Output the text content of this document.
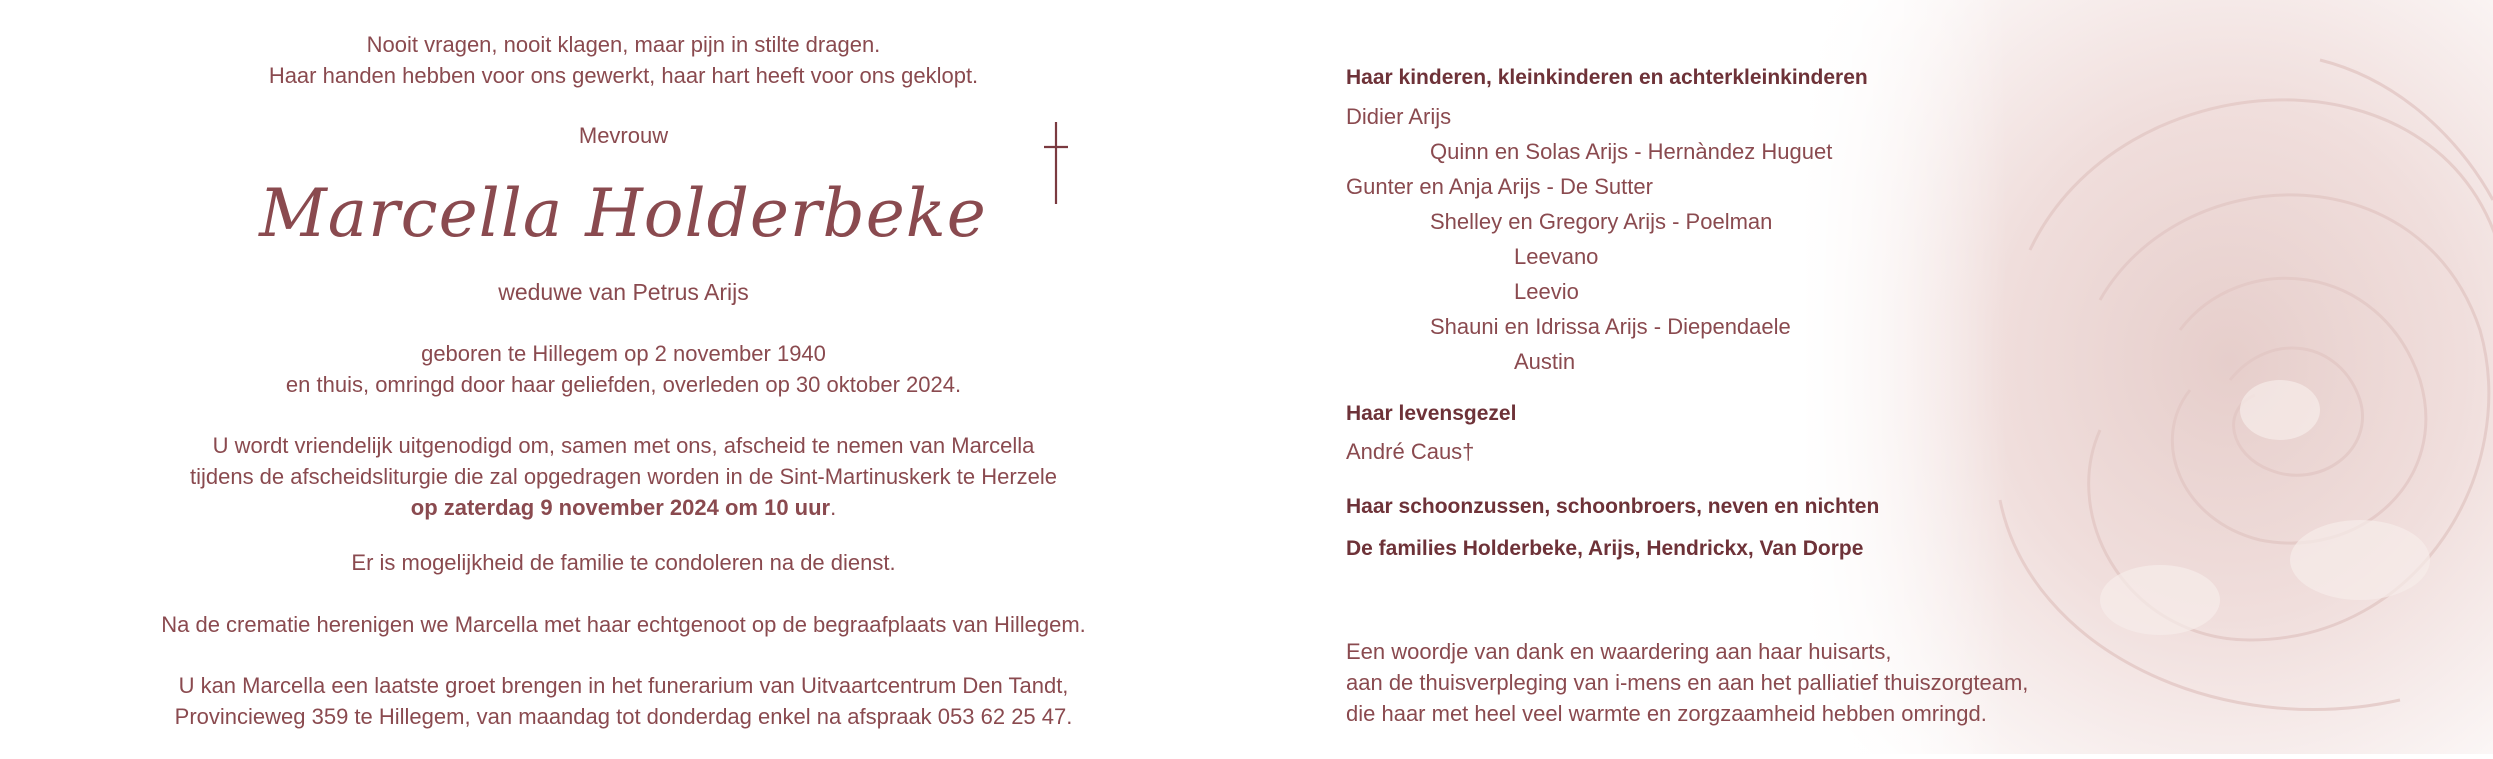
Nooit vragen, nooit klagen, maar pijn in stilte dragen.
Haar handen hebben voor ons gewerkt, haar hart heeft voor ons geklopt.
Mevrouw
Marcella Holderbeke
weduwe van Petrus Arijs
geboren te Hillegem op 2 november 1940
en thuis, omringd door haar geliefden, overleden op 30 oktober 2024.
U wordt vriendelijk uitgenodigd om, samen met ons, afscheid te nemen van Marcella
tijdens de afscheidsliturgie die zal opgedragen worden in de Sint-Martinuskerk te Herzele
op zaterdag 9 november 2024 om 10 uur.
Er is mogelijkheid de familie te condoleren na de dienst.
Na de crematie herenigen we Marcella met haar echtgenoot op de begraafplaats van Hillegem.
U kan Marcella een laatste groet brengen in het funerarium van Uitvaartcentrum Den Tandt,
Provincieweg 359 te Hillegem, van maandag tot donderdag enkel na afspraak 053 62 25 47.
Haar kinderen, kleinkinderen en achterkleinkinderen
Didier Arijs
Quinn en Solas Arijs - Hernàndez Huguet
Gunter en Anja Arijs - De Sutter
Shelley en Gregory Arijs - Poelman
Leevano
Leevio
Shauni en Idrissa Arijs - Diependaele
Austin
Haar levensgezel
André Caus†
Haar schoonzussen, schoonbroers, neven en nichten
De families Holderbeke, Arijs, Hendrickx, Van Dorpe
Een woordje van dank en waardering aan haar huisarts,
aan de thuisverpleging van i-mens en aan het palliatief thuiszorgteam,
die haar met heel veel warmte en zorgzaamheid hebben omringd.
